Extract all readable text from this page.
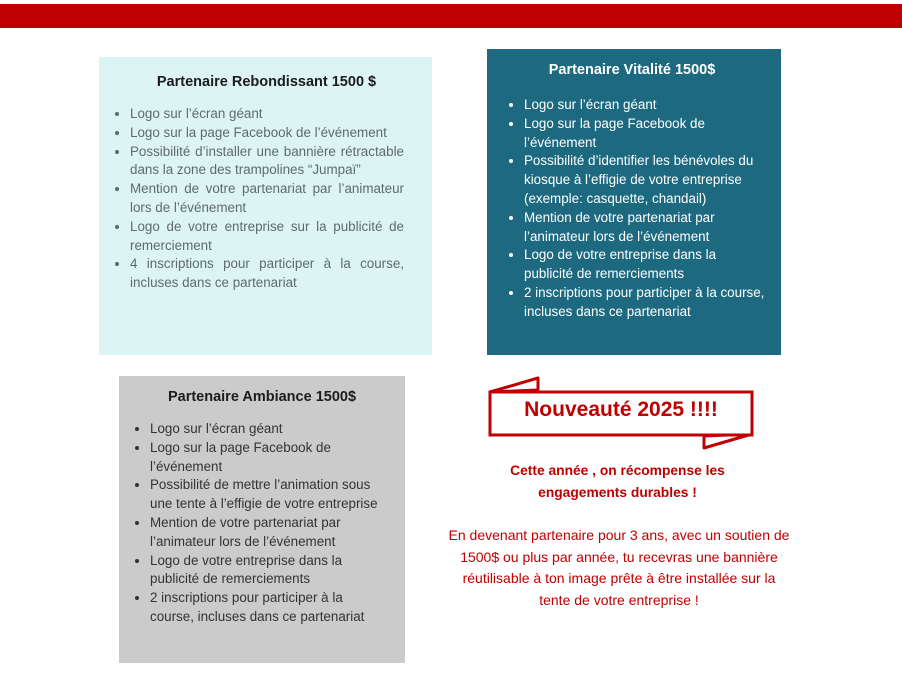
Partenaire Rebondissant 1500 $
• Logo sur l’écran géant
• Logo sur la page Facebook de l’événement
• Possibilité d’installer une bannière rétractable dans la zone des trampolines “Jumpaï”
• Mention de votre partenariat par l’animateur lors de l’événement
• Logo de votre entreprise sur la publicité de remerciement
• 4 inscriptions pour participer à la course, incluses dans ce partenariat
Partenaire Vitalité 1500$
• Logo sur l’écran géant
• Logo sur la page Facebook de l’événement
• Possibilité d’identifier les bénévoles du kiosque à l’effigie de votre entreprise (exemple: casquette, chandail)
• Mention de votre partenariat par l’animateur lors de l’événement
• Logo de votre entreprise dans la publicité de remerciements
• 2 inscriptions pour participer à la course, incluses dans ce partenariat
Partenaire Ambiance 1500$
• Logo sur l’écran géant
• Logo sur la page Facebook de l’événement
• Possibilité de mettre l’animation sous une tente à l’effigie de votre entreprise
• Mention de votre partenariat par l’animateur lors de l’événement
• Logo de votre entreprise dans la publicité de remerciements
• 2 inscriptions pour participer à la course, incluses dans ce partenariat
Nouveauté 2025 !!!!
Cette année , on récompense les engagements durables !
En devenant partenaire pour 3 ans, avec un soutien de 1500$ ou plus par année, tu recevras une bannière réutilisable à ton image prête à être installée sur la tente de votre entreprise !
